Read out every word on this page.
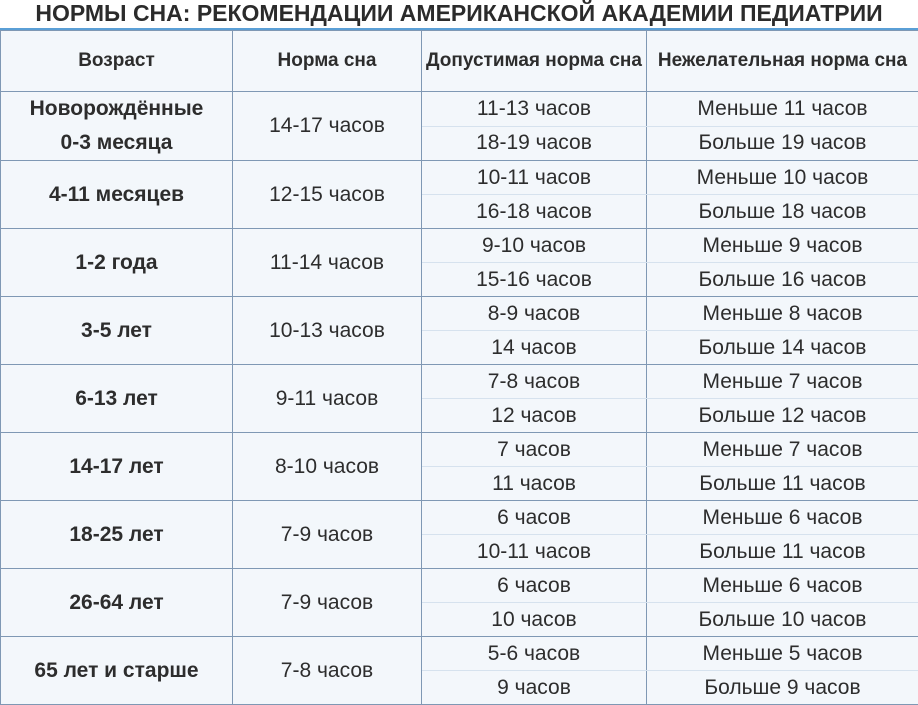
НОРМЫ СНА: РЕКОМЕНДАЦИИ АМЕРИКАНСКОЙ АКАДЕМИИ ПЕДИАТРИИ
Возраст	Норма сна	Допустимая норма сна	Нежелательная норма сна

Новорождённые
0-3 месяца	14-17 часов	11-13 часов	Меньше 11 часов
		18-19 часов	Больше 19 часов

4-11 месяцев	12-15 часов	10-11 часов	Меньше 10 часов
		16-18 часов	Больше 18 часов

1-2 года	11-14 часов	9-10 часов	Меньше 9 часов
		15-16 часов	Больше 16 часов

3-5 лет	10-13 часов	8-9 часов	Меньше 8 часов
		14 часов	Больше 14 часов

6-13 лет	9-11 часов	7-8 часов	Меньше 7 часов
		12 часов	Больше 12 часов

14-17 лет	8-10 часов	7 часов	Меньше 7 часов
		11 часов	Больше 11 часов

18-25 лет	7-9 часов	6 часов	Меньше 6 часов
		10-11 часов	Больше 11 часов

26-64 лет	7-9 часов	6 часов	Меньше 6 часов
		10 часов	Больше 10 часов

65 лет и старше	7-8 часов	5-6 часов	Меньше 5 часов
		9 часов	Больше 9 часов
